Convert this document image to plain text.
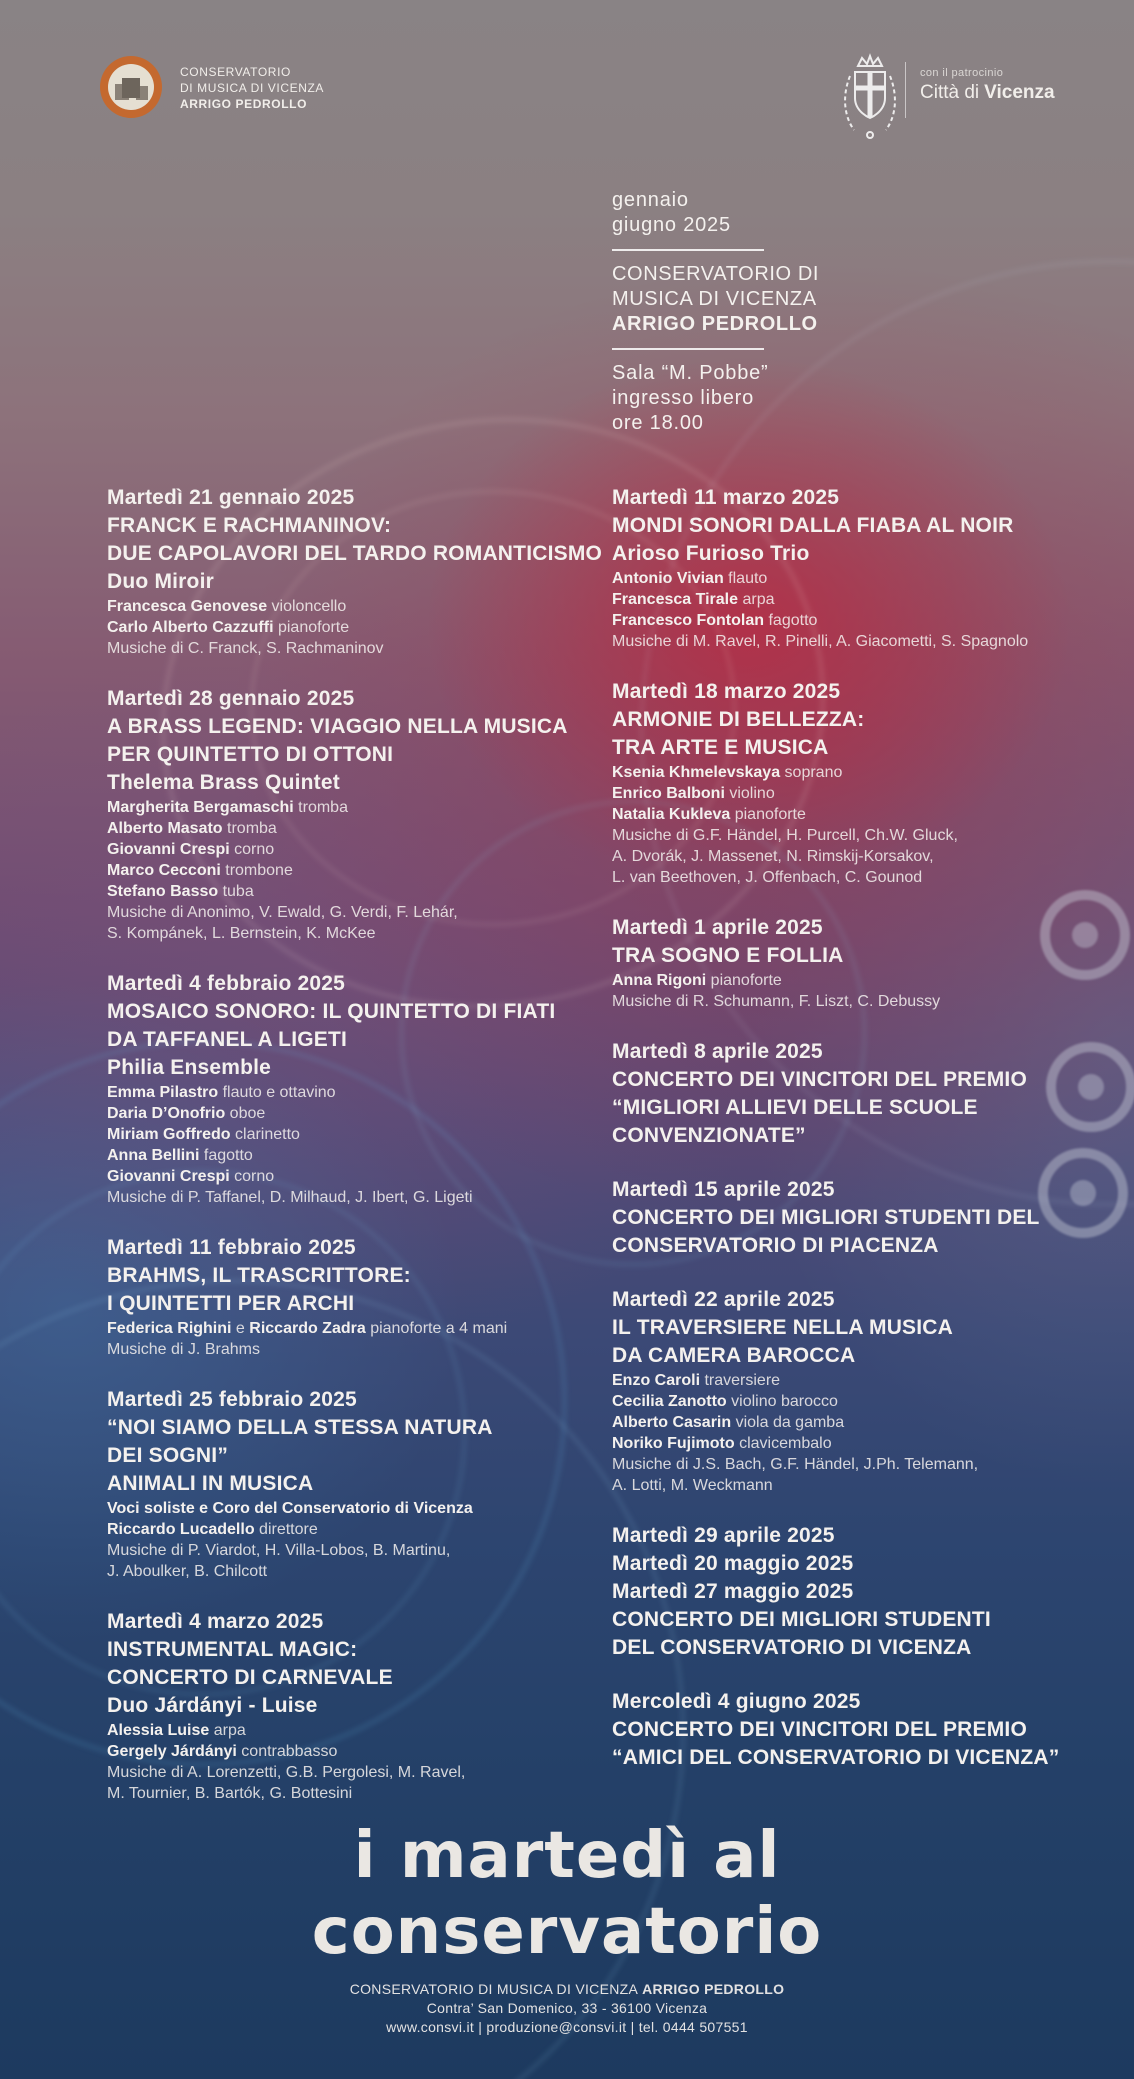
CONSERVATORIO
DI MUSICA DI VICENZA
ARRIGO PEDROLLO
con il patrocinio
Città di Vicenza
gennaio
giugno 2025
CONSERVATORIO DI
MUSICA DI VICENZA
ARRIGO PEDROLLO
Sala “M. Pobbe”
ingresso libero
ore 18.00
Martedì 21 gennaio 2025
FRANCK E RACHMANINOV:
DUE CAPOLAVORI DEL TARDO ROMANTICISMO
Duo Miroir
Francesca Genovese violoncello
Carlo Alberto Cazzuffi pianoforte
Musiche di C. Franck, S. Rachmaninov
Martedì 28 gennaio 2025
A BRASS LEGEND: VIAGGIO NELLA MUSICA
PER QUINTETTO DI OTTONI
Thelema Brass Quintet
Margherita Bergamaschi tromba
Alberto Masato tromba
Giovanni Crespi corno
Marco Cecconi trombone
Stefano Basso tuba
Musiche di Anonimo, V. Ewald, G. Verdi, F. Lehár,
S. Kompánek, L. Bernstein, K. McKee
Martedì 4 febbraio 2025
MOSAICO SONORO: IL QUINTETTO DI FIATI
DA TAFFANEL A LIGETI
Philia Ensemble
Emma Pilastro flauto e ottavino
Daria D’Onofrio oboe
Miriam Goffredo clarinetto
Anna Bellini fagotto
Giovanni Crespi corno
Musiche di P. Taffanel, D. Milhaud, J. Ibert, G. Ligeti
Martedì 11 febbraio 2025
BRAHMS, IL TRASCRITTORE:
I QUINTETTI PER ARCHI
Federica Righini e Riccardo Zadra pianoforte a 4 mani
Musiche di J. Brahms
Martedì 25 febbraio 2025
“NOI SIAMO DELLA STESSA NATURA
DEI SOGNI”
ANIMALI IN MUSICA
Voci soliste e Coro del Conservatorio di Vicenza
Riccardo Lucadello direttore
Musiche di P. Viardot, H. Villa-Lobos, B. Martinu,
J. Aboulker, B. Chilcott
Martedì 4 marzo 2025
INSTRUMENTAL MAGIC:
CONCERTO DI CARNEVALE
Duo Járdányi - Luise
Alessia Luise arpa
Gergely Járdányi contrabbasso
Musiche di A. Lorenzetti, G.B. Pergolesi, M. Ravel,
M. Tournier, B. Bartók, G. Bottesini
Martedì 11 marzo 2025
MONDI SONORI DALLA FIABA AL NOIR
Arioso Furioso Trio
Antonio Vivian flauto
Francesca Tirale arpa
Francesco Fontolan fagotto
Musiche di M. Ravel, R. Pinelli, A. Giacometti, S. Spagnolo
Martedì 18 marzo 2025
ARMONIE DI BELLEZZA:
TRA ARTE E MUSICA
Ksenia Khmelevskaya soprano
Enrico Balboni violino
Natalia Kukleva pianoforte
Musiche di G.F. Händel, H. Purcell, Ch.W. Gluck,
A. Dvorák, J. Massenet, N. Rimskij-Korsakov,
L. van Beethoven, J. Offenbach, C. Gounod
Martedì 1 aprile 2025
TRA SOGNO E FOLLIA
Anna Rigoni pianoforte
Musiche di R. Schumann, F. Liszt, C. Debussy
Martedì 8 aprile 2025
CONCERTO DEI VINCITORI DEL PREMIO
“MIGLIORI ALLIEVI DELLE SCUOLE
CONVENZIONATE”
Martedì 15 aprile 2025
CONCERTO DEI MIGLIORI STUDENTI DEL
CONSERVATORIO DI PIACENZA
Martedì 22 aprile 2025
IL TRAVERSIERE NELLA MUSICA
DA CAMERA BAROCCA
Enzo Caroli traversiere
Cecilia Zanotto violino barocco
Alberto Casarin viola da gamba
Noriko Fujimoto clavicembalo
Musiche di J.S. Bach, G.F. Händel, J.Ph. Telemann,
A. Lotti, M. Weckmann
Martedì 29 aprile 2025
Martedì 20 maggio 2025
Martedì 27 maggio 2025
CONCERTO DEI MIGLIORI STUDENTI
DEL CONSERVATORIO DI VICENZA
Mercoledì 4 giugno 2025
CONCERTO DEI VINCITORI DEL PREMIO
“AMICI DEL CONSERVATORIO DI VICENZA”
i martedì al
conservatorio
CONSERVATORIO DI MUSICA DI VICENZA ARRIGO PEDROLLO
Contra’ San Domenico, 33 - 36100 Vicenza
www.consvi.it | produzione@consvi.it | tel. 0444 507551
